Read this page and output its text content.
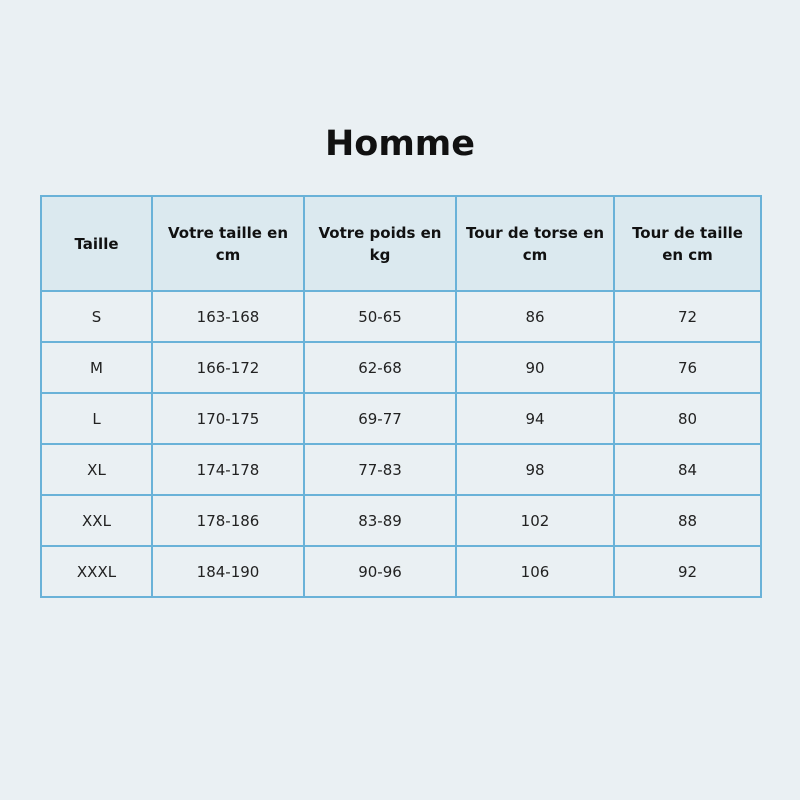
Homme
Taille	Votre taille en cm	Votre poids en kg	Tour de torse en cm	Tour de taille en cm
S	163-168	50-65	86	72
M	166-172	62-68	90	76
L	170-175	69-77	94	80
XL	174-178	77-83	98	84
XXL	178-186	83-89	102	88
XXXL	184-190	90-96	106	92
